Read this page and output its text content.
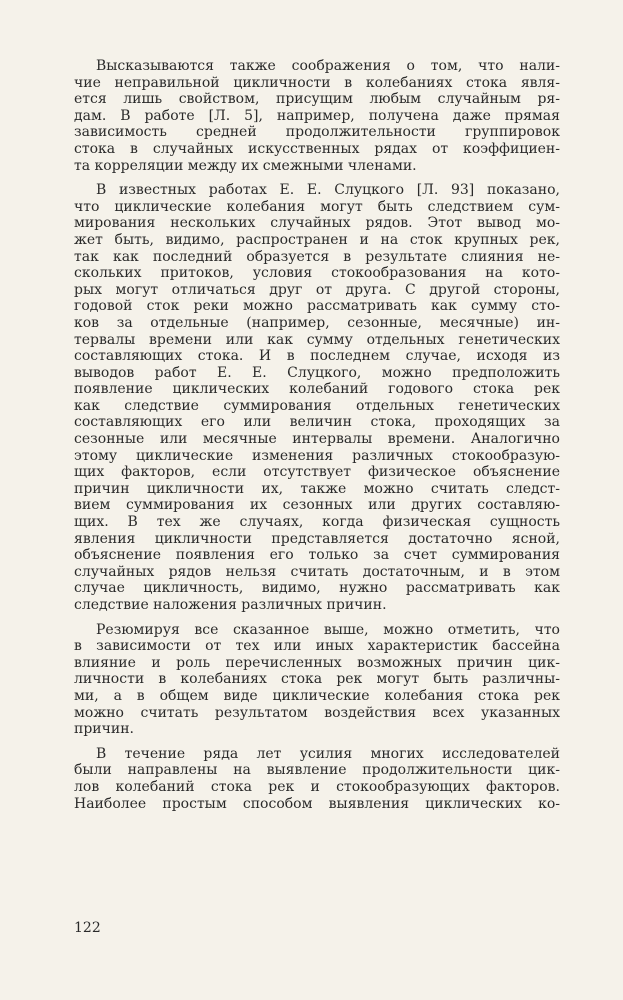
Высказываются также соображения о том, что нали-
чие неправильной цикличности в колебаниях стока явля-
ется лишь свойством, присущим любым случайным ря-
дам. В работе [Л. 5], например, получена даже прямая
зависимость средней продолжительности группировок
стока в случайных искусственных рядах от коэффициен-
та корреляции между их смежными членами.
В известных работах Е. Е. Слуцкого [Л. 93] показано,
что циклические колебания могут быть следствием сум-
мирования нескольких случайных рядов. Этот вывод мо-
жет быть, видимо, распространен и на сток крупных рек,
так как последний образуется в результате слияния не-
скольких притоков, условия стокообразования на кото-
рых могут отличаться друг от друга. С другой стороны,
годовой сток реки можно рассматривать как сумму сто-
ков за отдельные (например, сезонные, месячные) ин-
тервалы времени или как сумму отдельных генетических
составляющих стока. И в последнем случае, исходя из
выводов работ Е. Е. Слуцкого, можно предположить
появление циклических колебаний годового стока рек
как следствие суммирования отдельных генетических
составляющих его или величин стока, проходящих за
сезонные или месячные интервалы времени. Аналогично
этому циклические изменения различных стокообразую-
щих факторов, если отсутствует физическое объяснение
причин цикличности их, также можно считать следст-
вием суммирования их сезонных или других составляю-
щих. В тех же случаях, когда физическая сущность
явления цикличности представляется достаточно ясной,
объяснение появления его только за счет суммирования
случайных рядов нельзя считать достаточным, и в этом
случае цикличность, видимо, нужно рассматривать как
следствие наложения различных причин.
Резюмируя все сказанное выше, можно отметить, что
в зависимости от тех или иных характеристик бассейна
влияние и роль перечисленных возможных причин цик-
личности в колебаниях стока рек могут быть различны-
ми, а в общем виде циклические колебания стока рек
можно считать результатом воздействия всех указанных
причин.
В течение ряда лет усилия многих исследователей
были направлены на выявление продолжительности цик-
лов колебаний стока рек и стокообразующих факторов.
Наиболее простым способом выявления циклических ко-
122
